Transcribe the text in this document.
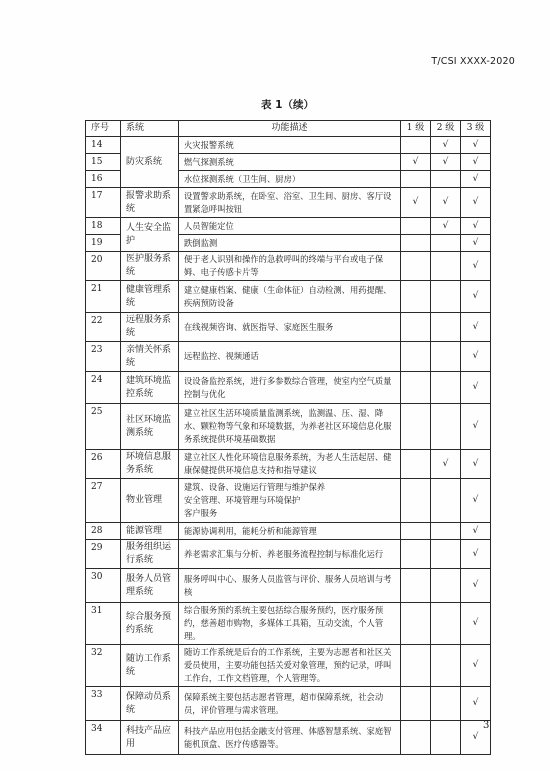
T/CSI XXXX-2020
表 1（续）
序号	系统	功能描述	1 级	2 级	3 级
14	防灾系统	火灾报警系统		√	√
15		燃气探测系统	√	√	√
16		水位探测系统（卫生间、厨房）			√
17	报警求助系统	设置警求助系统，在卧室、浴室、卫生间、厨房、客厅设置紧急呼叫按钮	√	√	√
18	人生安全监护	人员智能定位		√	√
19		跌倒监测			√
20	医护服务系统	便于老人识别和操作的急救呼叫的终端与平台或电子保姆、电子传感卡片等			√
21	健康管理系统	建立健康档案、健康（生命体征）自动检测、用药提醒、疾病预防设备			√
22	远程服务系统	在线视频咨询、就医指导、家庭医生服务			√
23	亲情关怀系统	远程监控、视频通话			√
24	建筑环境监控系统	设设备监控系统，进行多参数综合管理，使室内空气质量控制与优化			√
25	社区环境监测系统	建立社区生活环境质量监测系统，监测温、压、湿、降水、颗粒物等气象和环境数据，为养老社区环境信息化服务系统提供环境基础数据			√
26	环境信息服务系统	建立社区人性化环境信息服务系统，为老人生活起居、健康保健提供环境信息支持和指导建议		√	√
27	物业管理	建筑、设备、设施运行管理与维护保养
安全管理、环境管理与环境保护
客户服务			√
28	能源管理	能源协调利用，能耗分析和能源管理			√
29	服务组织运行系统	养老需求汇集与分析、养老服务流程控制与标准化运行			√
30	服务人员管理系统	服务呼叫中心、服务人员监管与评价、服务人员培训与考核			√
31	综合服务预约系统	综合服务预约系统主要包括综合服务预约，医疗服务预约，慈善超市购物，多媒体工具箱，互动交流，个人管理。			√
32	随访工作系统	随访工作系统是后台的工作系统，主要为志愿者和社区关爱员使用，主要功能包括关爱对象管理，预约记录，呼叫工作台，工作文档管理，个人管理等。			√
33	保障动员系统	保障系统主要包括志愿者管理，超市保障系统，社会动员，评价管理与需求管理。			√
34	科技产品应用	科技产品应用包括金融支付管理、体感智慧系统、家庭智能机顶盒、医疗传感器等。			√
3
